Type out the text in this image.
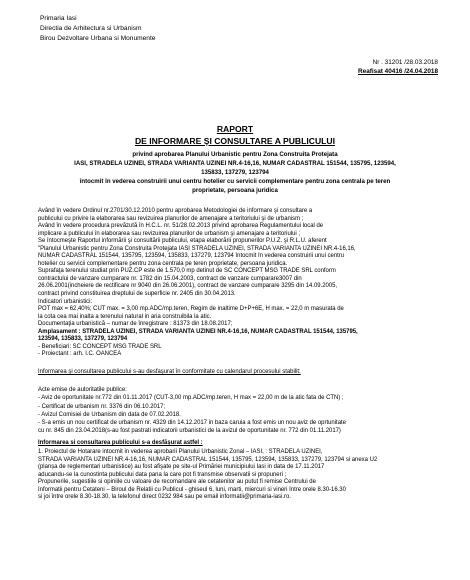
Primaria Iasi
Directia de Arhitectura si Urbanism
Birou Dezvoltare Urbana si Monumente
Nr . 31201 /28.03.2018
Reafisat 40416 /24.04.2018
RAPORT
DE INFORMARE ŞI CONSULTARE A PUBLICULUI
privind aprobarea Planului Urbanistic pentru Zona Construita Protejata
IASI, STRADELA UZINEI, STRADA VARIANTA UZINEI NR.4-16,16, NUMAR CADASTRAL 151544, 135795, 123594,
135833, 137279, 123794
întocmit în vederea construirii unui centru hotelier cu servicii complementare pentru zona centrala pe teren
proprietate, persoana juridica
Având în vedere Ordinul nr.2701/30.12.2010 pentru aprobarea Metodologiei de informare şi consultare a
publicului cu privire la elaborarea sau revizuirea planurilor de amenajare a teritoriului şi de urbanism ;
Având în vedere procedura prevăzută în H.C.L. nr. 51/28.02.2013 privind aprobarea Regulamentului local de
implicare a publicului în elaborarea sau revizuirea planurilor de urbanism şi amenajare a teritoriului ;
Se întocmeşte Raportul informării şi consultării publicului, etapa elaborării propunerilor P.U.Z. şi R.L.U. aferent
"Planului Urbanistic pentru Zona Construita Protejata IASI STRADELA UZINEI, STRADA VARIANTA UZINEI NR.4-16,16,
NUMAR CADASTRAL 151544, 135795, 123594, 135833, 137279, 123794 întocmit în vederea construirii unui centru
hotelier cu servicii complementare pentru zona centrala pe teren proprietate, persoana juridica.
Suprafaţa terenului studiat prin PUZ.CP este de 1.570,0 mp detinut de SC CONCEPT MSG TRADE SRL conform
contractului de vanzare cumparare nr. 1782 din 15.04.2003, contract de vanzare cumparare3007 din
26.06.2001(incheiere de rectificare nr 9040 din 26.06.2001), contract de vanzare cumparare 3295 din 14.09.2005,
contract privind constituirea dreptului de superficie nr. 2405 din 30.04.2013.
Indicatori urbanistici:
POT max = 62,40%; CUT max. = 3,00 mp.ADC/mp.teren, Regim de inaltime D+P+6E, H max. = 22,0 m masurata de
la cota cea mai inalta a terenului natural in aria construibila la atic.
Documentaţia urbanistică – numar de înregistrare : 81373 din 18.08.2017;
Amplasament : STRADELA UZINEI, STRADA VARIANTA UZINEI NR.4-16,16, NUMAR CADASTRAL 151544, 135795,
123594, 135833, 137279, 123794
- Beneficiari: SC CONCEPT MSG TRADE SRL
- Proiectant : arh. I.C. OANCEA
Informarea şi consultarea publicului s-au desfaşurat în conformitate cu calendarul procesului stabilit:
Acte emise de autoritatile publice:
- Aviz de oportunitate nr.772 din 01.11.2017 (CUT-3,00 mp.ADC/mp.teren, H max = 22,00 m de la atic fata de CTN) ;
- Certificat de urbanism nr. 3376 din 06.10.2017;
- Avizul Comisiei de Urbanism din data de 07.02.2018.
- S-a emis un nou certificat de urbanism nr. 4329 din 14.12.2017 in baza caruia a fost emis un nou aviz de oprtunitate
cu nr. 845 din 23.04.2018(s-au fost pastrati indicatorii urbanistici de la avizul de oportunitate nr. 772 din 01.11.2017)
Informarea si consultarea publicului s-a desfăşurat astfel :
1. Proiectul de Hotarare intocmit in vederea aprobarii Planului Urbanistic Zonal – IASI, : STRADELA UZINEI,
STRADA VARIANTA UZINEI NR.4-16,16, NUMAR CADASTRAL 151544, 135795, 123594, 135833, 137279, 123794 si anexa U2
(planșa de reglementari urbanistice) au fost afişate pe site-ul Primăriei municipiului Iasi in data de 17.11.2017
aducandu-se la cunostinta publicului data pana la care pot fi transmise observatii si propuneri ;
Propunerile, sugestiile si opiniile cu valoare de recomandare ale cetatenilor au putut fi remise Centrului de
Informatii pentru Cetateni – Biroul de Relatii cu Publicul - ghiseul 6, luni, marti, miercuri si vineri între orele 8.30-16.30
si joi între orele 8.30-18.30, la telefonul direct 0232 984 sau pe email informatii@primaria-iasi.ro.
